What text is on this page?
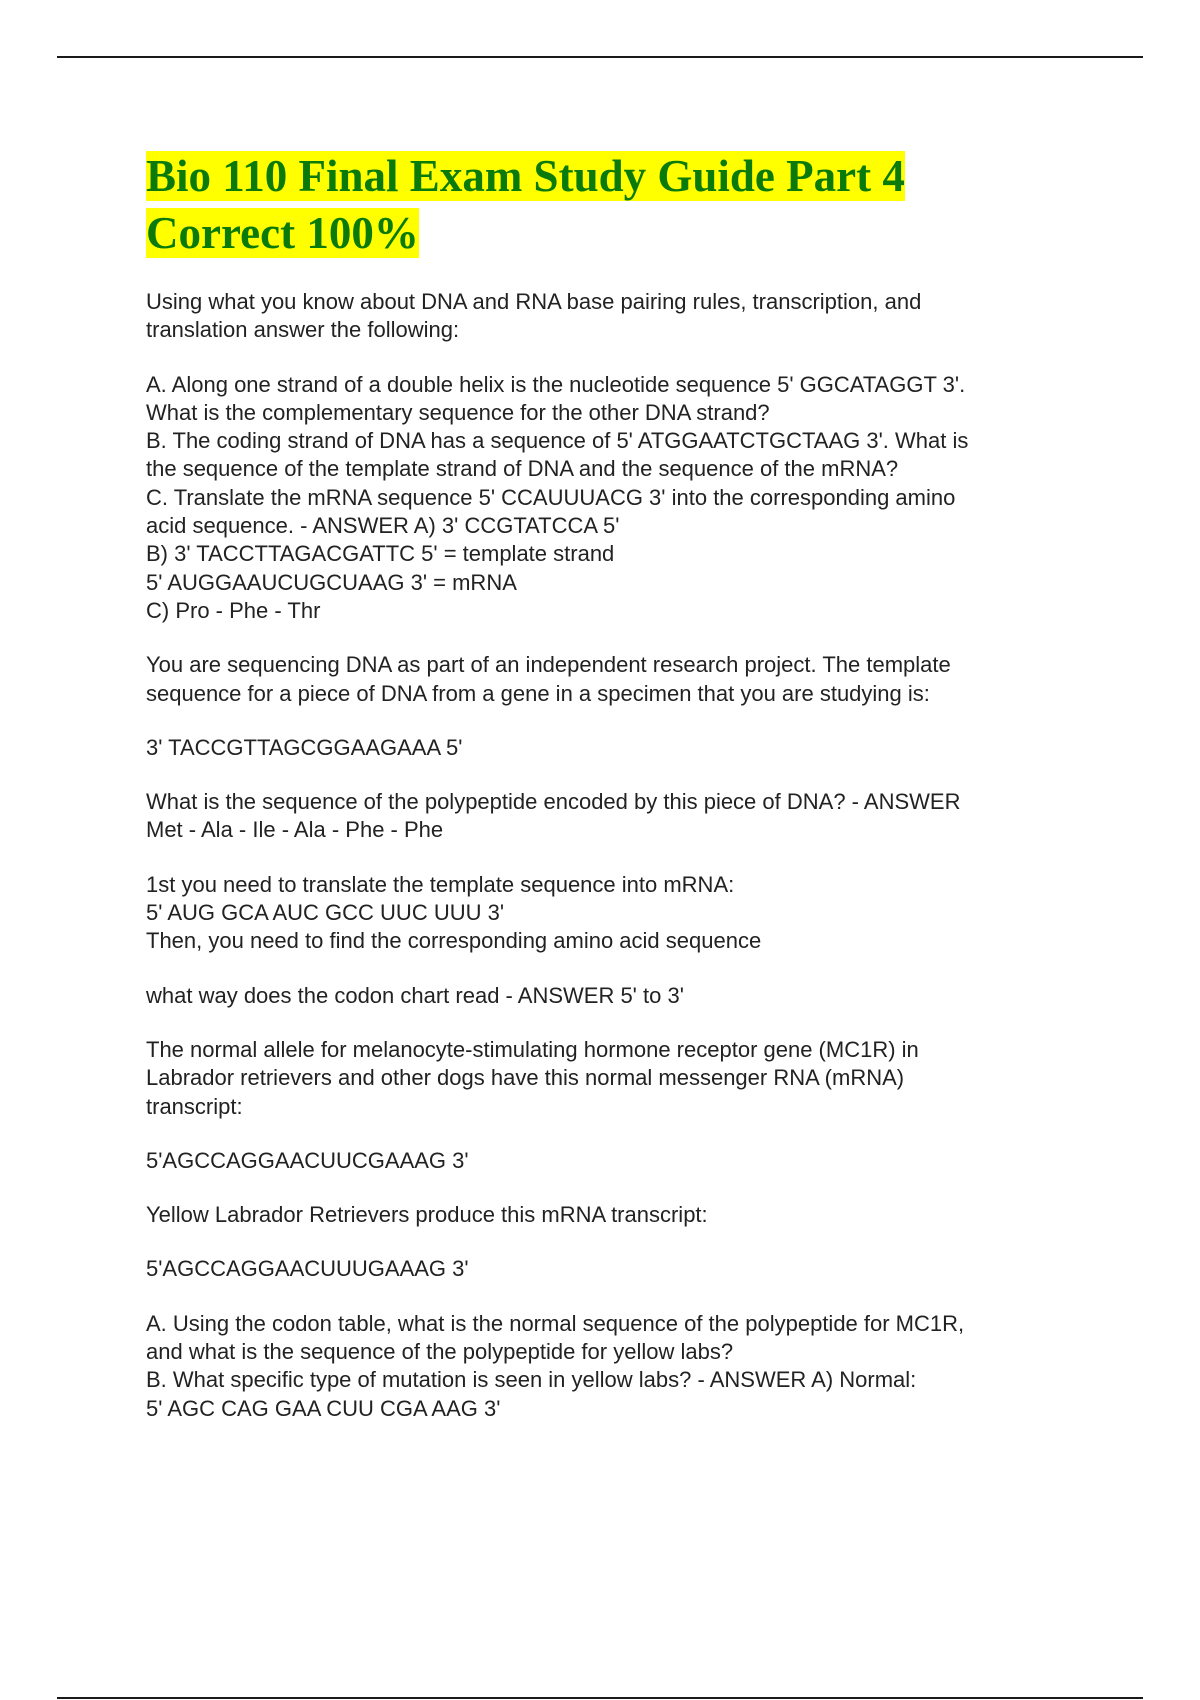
Bio 110 Final Exam Study Guide Part 4
Correct 100%
Using what you know about DNA and RNA base pairing rules, transcription, and
translation answer the following:
A. Along one strand of a double helix is the nucleotide sequence 5' GGCATAGGT 3'.
What is the complementary sequence for the other DNA strand?
B. The coding strand of DNA has a sequence of 5' ATGGAATCTGCTAAG 3'. What is
the sequence of the template strand of DNA and the sequence of the mRNA?
C. Translate the mRNA sequence 5' CCAUUUACG 3' into the corresponding amino
acid sequence. - ANSWER A) 3' CCGTATCCA 5'
B) 3' TACCTTAGACGATTC 5' = template strand
5' AUGGAAUCUGCUAAG 3' = mRNA
C) Pro - Phe - Thr
You are sequencing DNA as part of an independent research project. The template
sequence for a piece of DNA from a gene in a specimen that you are studying is:
3' TACCGTTAGCGGAAGAAA 5'
What is the sequence of the polypeptide encoded by this piece of DNA? - ANSWER
Met - Ala - Ile - Ala - Phe - Phe
1st you need to translate the template sequence into mRNA:
5' AUG GCA AUC GCC UUC UUU 3'
Then, you need to find the corresponding amino acid sequence
what way does the codon chart read - ANSWER 5' to 3'
The normal allele for melanocyte-stimulating hormone receptor gene (MC1R) in
Labrador retrievers and other dogs have this normal messenger RNA (mRNA)
transcript:
5'AGCCAGGAACUUCGAAAG 3'
Yellow Labrador Retrievers produce this mRNA transcript:
5'AGCCAGGAACUUUGAAAG 3'
A. Using the codon table, what is the normal sequence of the polypeptide for MC1R,
and what is the sequence of the polypeptide for yellow labs?
B. What specific type of mutation is seen in yellow labs? - ANSWER A) Normal:
5' AGC CAG GAA CUU CGA AAG 3'
